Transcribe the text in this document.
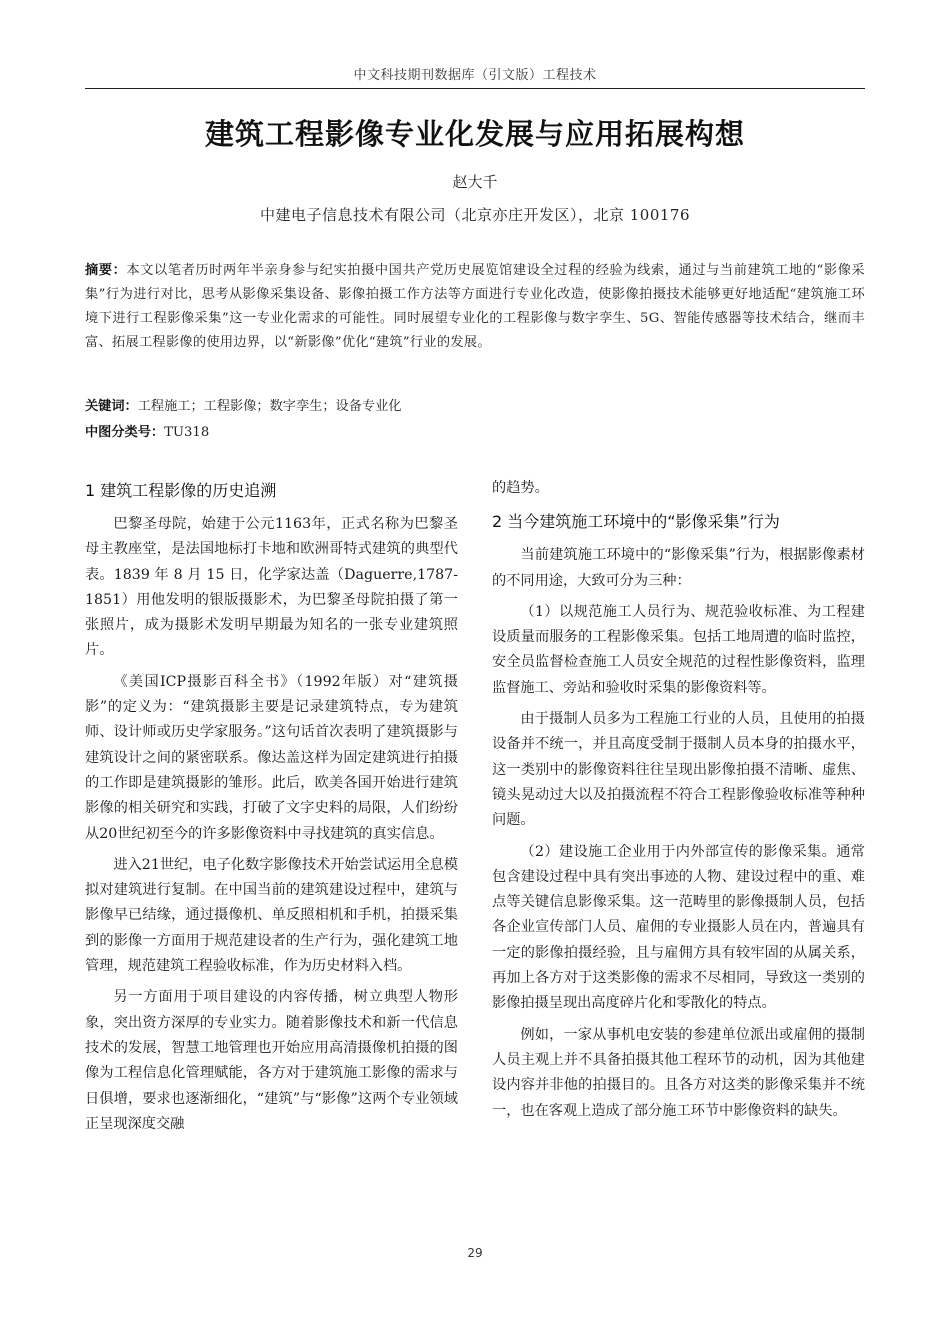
中文科技期刊数据库（引文版）工程技术
建筑工程影像专业化发展与应用拓展构想
赵大千
中建电子信息技术有限公司（北京亦庄开发区），北京 100176
摘要：本文以笔者历时两年半亲身参与纪实拍摄中国共产党历史展览馆建设全过程的经验为线索，通过与当前建筑工地的“影像采集”行为进行对比，思考从影像采集设备、影像拍摄工作方法等方面进行专业化改造，使影像拍摄技术能够更好地适配“建筑施工环境下进行工程影像采集”这一专业化需求的可能性。同时展望专业化的工程影像与数字孪生、5G、智能传感器等技术结合，继而丰富、拓展工程影像的使用边界，以“新影像”优化“建筑”行业的发展。
关键词：工程施工；工程影像；数字孪生；设备专业化
中图分类号：TU318
1 建筑工程影像的历史追溯

巴黎圣母院，始建于公元1163年，正式名称为巴黎圣母主教座堂，是法国地标打卡地和欧洲哥特式建筑的典型代表。1839 年 8 月 15 日，化学家达盖（Daguerre,1787-1851）用他发明的银版摄影术，为巴黎圣母院拍摄了第一张照片，成为摄影术发明早期最为知名的一张专业建筑照片。

《美国ICP摄影百科全书》（1992年版）对“建筑摄影”的定义为：“建筑摄影主要是记录建筑特点，专为建筑师、设计师或历史学家服务。”这句话首次表明了建筑摄影与建筑设计之间的紧密联系。像达盖这样为固定建筑进行拍摄的工作即是建筑摄影的雏形。此后，欧美各国开始进行建筑影像的相关研究和实践，打破了文字史料的局限，人们纷纷从20世纪初至今的许多影像资料中寻找建筑的真实信息。

进入21世纪，电子化数字影像技术开始尝试运用全息模拟对建筑进行复制。在中国当前的建筑建设过程中，建筑与影像早已结缘，通过摄像机、单反照相机和手机，拍摄采集到的影像一方面用于规范建设者的生产行为，强化建筑工地管理，规范建筑工程验收标准，作为历史材料入档。

另一方面用于项目建设的内容传播，树立典型人物形象，突出资方深厚的专业实力。随着影像技术和新一代信息技术的发展，智慧工地管理也开始应用高清摄像机拍摄的图像为工程信息化管理赋能，各方对于建筑施工影像的需求与日俱增，要求也逐渐细化，“建筑”与“影像”这两个专业领域正呈现深度交融

的趋势。

2 当今建筑施工环境中的“影像采集”行为

当前建筑施工环境中的“影像采集”行为，根据影像素材的不同用途，大致可分为三种：

（1）以规范施工人员行为、规范验收标准、为工程建设质量而服务的工程影像采集。包括工地周遭的临时监控，安全员监督检查施工人员安全规范的过程性影像资料，监理监督施工、旁站和验收时采集的影像资料等。

由于摄制人员多为工程施工行业的人员，且使用的拍摄设备并不统一，并且高度受制于摄制人员本身的拍摄水平，这一类别中的影像资料往往呈现出影像拍摄不清晰、虚焦、镜头晃动过大以及拍摄流程不符合工程影像验收标准等种种问题。

（2）建设施工企业用于内外部宣传的影像采集。通常包含建设过程中具有突出事迹的人物、建设过程中的重、难点等关键信息影像采集。这一范畴里的影像摄制人员，包括各企业宣传部门人员、雇佣的专业摄影人员在内，普遍具有一定的影像拍摄经验，且与雇佣方具有较牢固的从属关系，再加上各方对于这类影像的需求不尽相同，导致这一类别的影像拍摄呈现出高度碎片化和零散化的特点。

例如，一家从事机电安装的参建单位派出或雇佣的摄制人员主观上并不具备拍摄其他工程环节的动机，因为其他建设内容并非他的拍摄目的。且各方对这类的影像采集并不统一，也在客观上造成了部分施工环节中影像资料的缺失。

29
